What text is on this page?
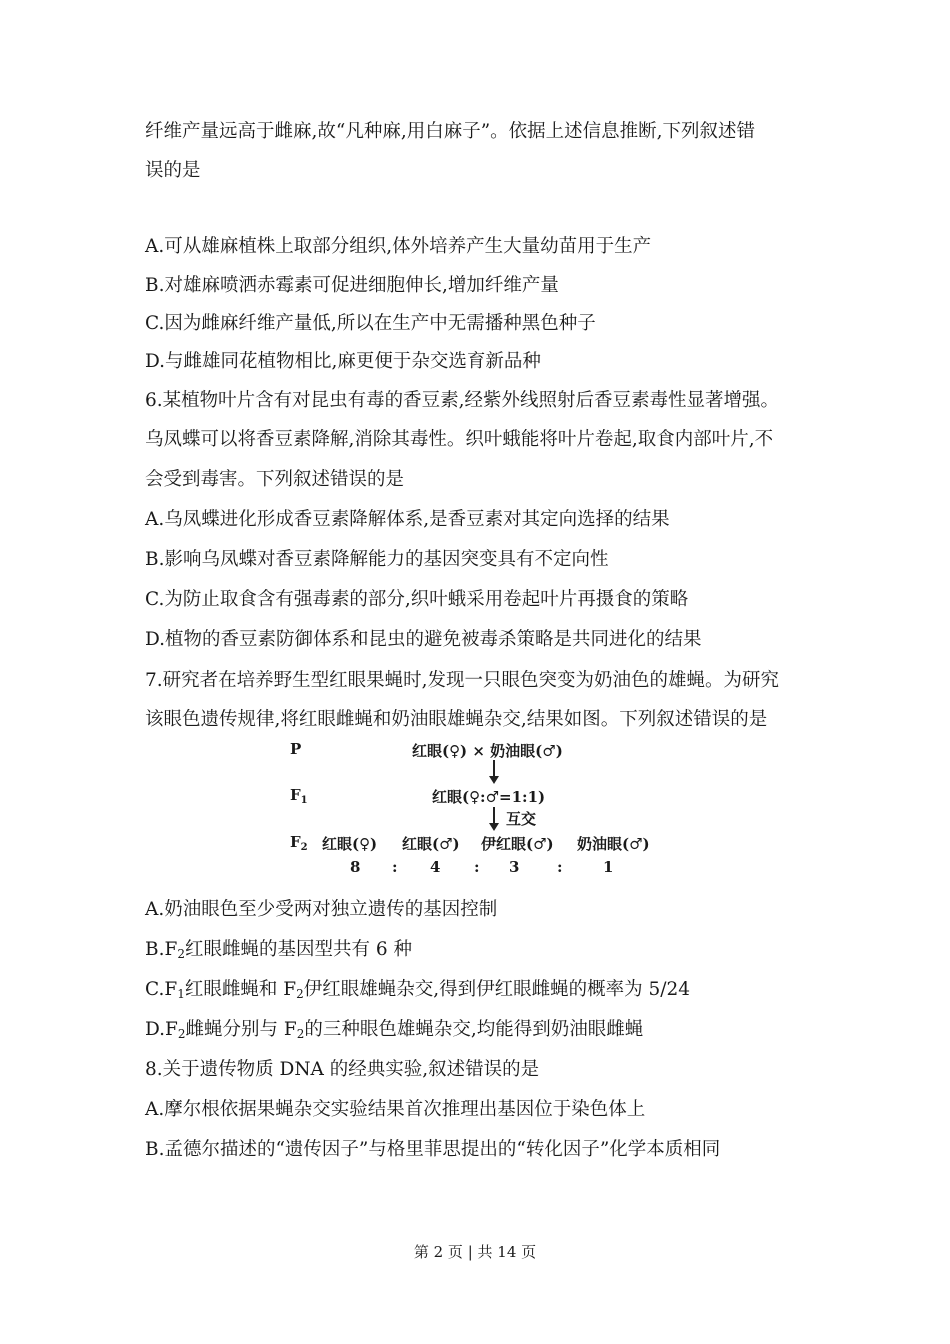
纤维产量远高于雌麻,故“凡种麻,用白麻子”。依据上述信息推断,下列叙述错
误的是
A.可从雄麻植株上取部分组织,体外培养产生大量幼苗用于生产
B.对雄麻喷洒赤霉素可促进细胞伸长,增加纤维产量
C.因为雌麻纤维产量低,所以在生产中无需播种黑色种子
D.与雌雄同花植物相比,麻更便于杂交选育新品种
6.某植物叶片含有对昆虫有毒的香豆素,经紫外线照射后香豆素毒性显著增强。
乌凤蝶可以将香豆素降解,消除其毒性。织叶蛾能将叶片卷起,取食内部叶片,不
会受到毒害。下列叙述错误的是
A.乌凤蝶进化形成香豆素降解体系,是香豆素对其定向选择的结果
B.影响乌凤蝶对香豆素降解能力的基因突变具有不定向性
C.为防止取食含有强毒素的部分,织叶蛾采用卷起叶片再摄食的策略
D.植物的香豆素防御体系和昆虫的避免被毒杀策略是共同进化的结果
7.研究者在培养野生型红眼果蝇时,发现一只眼色突变为奶油色的雄蝇。为研究
该眼色遗传规律,将红眼雌蝇和奶油眼雄蝇杂交,结果如图。下列叙述错误的是
P	红眼(♀) × 奶油眼(♂)
$F_1$	红眼(♀:♂=1:1)
互交
$F_2$ 红眼(♀) 红眼(♂) 伊红眼(♂) 奶油眼(♂)
8 : 4 : 3	:	1
A.奶油眼色至少受两对独立遗传的基因控制
$B.F_2$红眼雌蝇的基因型共有 6 种
$C.F_1$红眼雌蝇和 $F_2$伊红眼雄蝇杂交,得到伊红眼雌蝇的概率为 5/24
$D.F_2$雌蝇分别与 $F_2$的三种眼色雄蝇杂交,均能得到奶油眼雌蝇
8.关于遗传物质 DNA 的经典实验,叙述错误的是
A.摩尔根依据果蝇杂交实验结果首次推理出基因位于染色体上
B.孟德尔描述的“遗传因子”与格里菲思提出的“转化因子”化学本质相同
第 2 页 | 共 14 页
